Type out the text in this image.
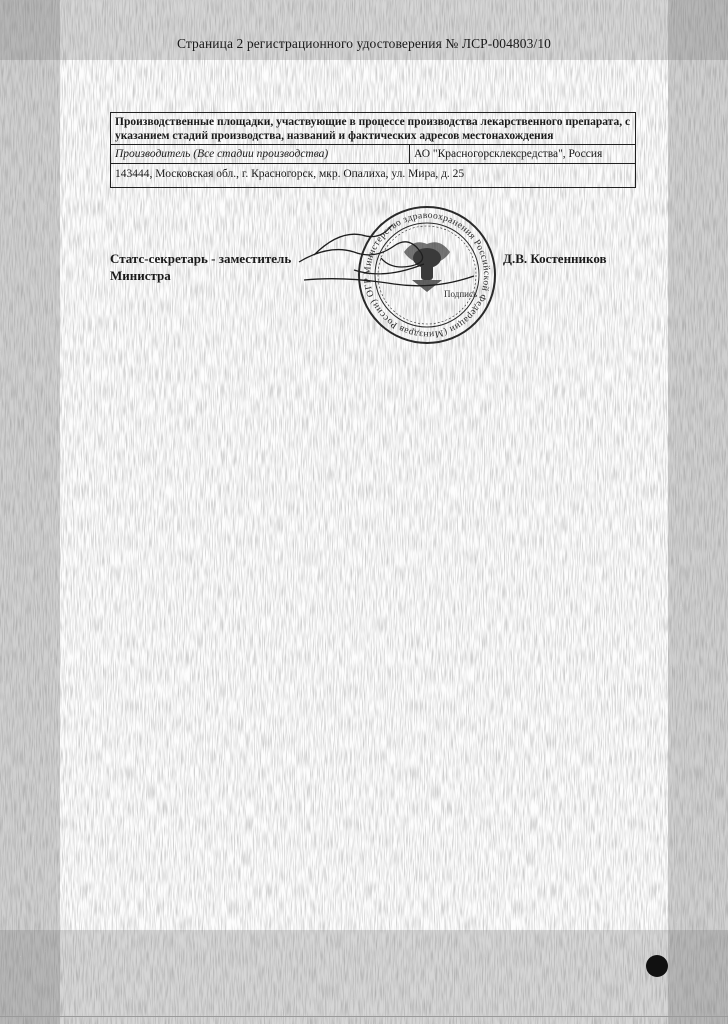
Страница 2 регистрационного удостоверения № ЛСР-004803/10
Производственные площадки, участвующие в процессе производства лекарственного препарата, с указанием стадий производства, названий и фактических адресов местонахождения
Производитель (Все стадии производства)	АО "Красногорсклексредства", Россия
143444, Московская обл., г. Красногорск, мкр. Опалиха, ул. Мира, д. 25
Статс-секретарь - заместитель Министра
Д.В. Костенников
Министерство здравоохранения Российской Федерации (Минздрав России) ОГР
Подпись
